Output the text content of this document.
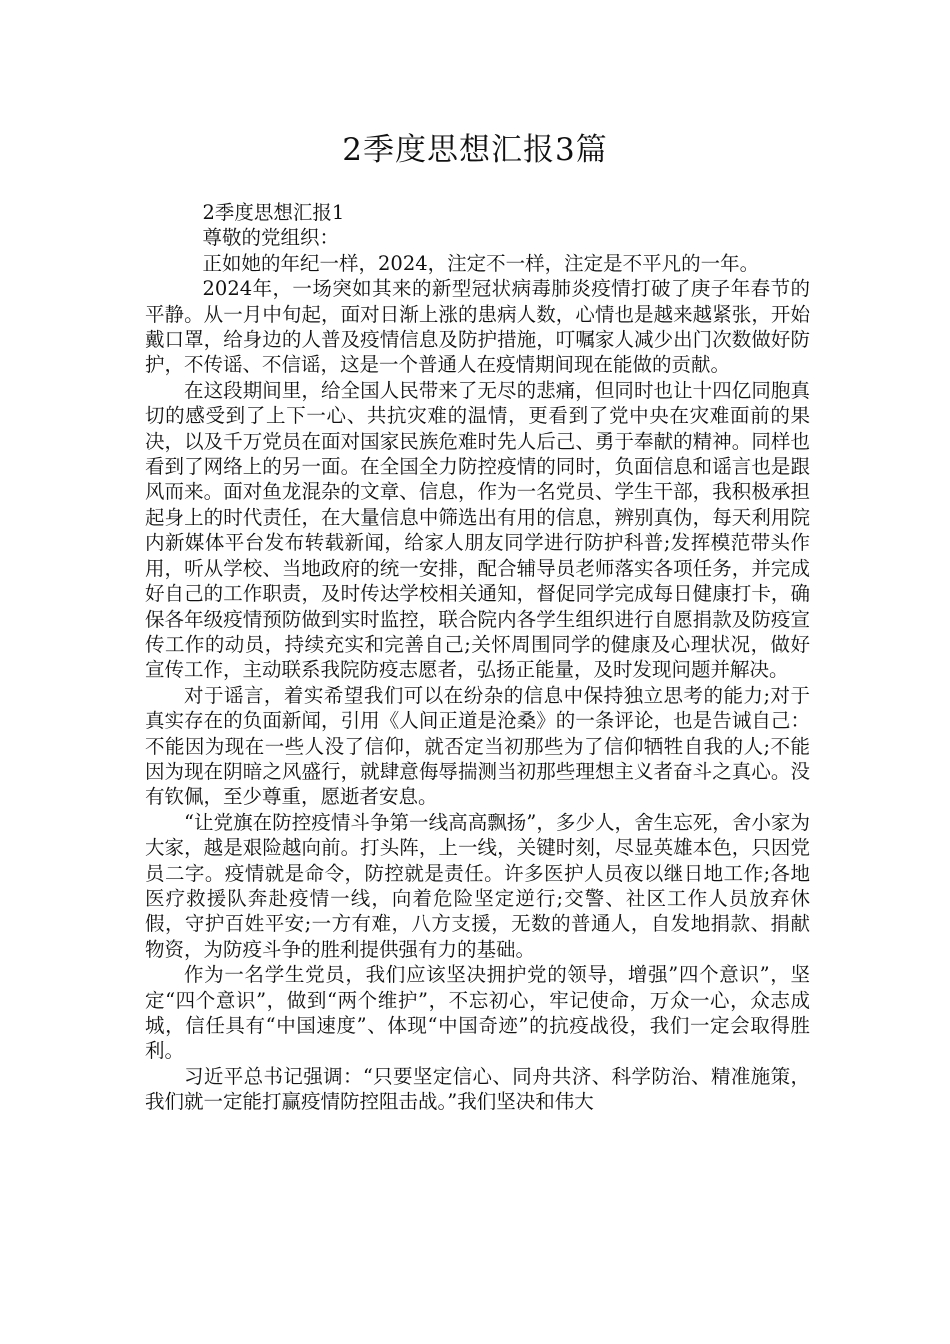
2季度思想汇报3篇

2季度思想汇报1

尊敬的党组织：

正如她的年纪一样，2024，注定不一样，注定是不平凡的一年。

2024年，一场突如其来的新型冠状病毒肺炎疫情打破了庚子年春节的平静。从一月中旬起，面对日渐上涨的患病人数，心情也是越来越紧张，开始戴口罩，给身边的人普及疫情信息及防护措施，叮嘱家人减少出门次数做好防护，不传谣、不信谣，这是一个普通人在疫情期间现在能做的贡献。

在这段期间里，给全国人民带来了无尽的悲痛，但同时也让十四亿同胞真切的感受到了上下一心、共抗灾难的温情，更看到了党中央在灾难面前的果决，以及千万党员在面对国家民族危难时先人后己、勇于奉献的精神。同样也看到了网络上的另一面。在全国全力防控疫情的同时，负面信息和谣言也是跟风而来。面对鱼龙混杂的文章、信息，作为一名党员、学生干部，我积极承担起身上的时代责任，在大量信息中筛选出有用的信息，辨别真伪，每天利用院内新媒体平台发布转载新闻，给家人朋友同学进行防护科普;发挥模范带头作用，听从学校、当地政府的统一安排，配合辅导员老师落实各项任务，并完成好自己的工作职责，及时传达学校相关通知，督促同学完成每日健康打卡，确保各年级疫情预防做到实时监控，联合院内各学生组织进行自愿捐款及防疫宣传工作的动员，持续充实和完善自己;关怀周围同学的健康及心理状况，做好宣传工作，主动联系我院防疫志愿者，弘扬正能量，及时发现问题并解决。

对于谣言，着实希望我们可以在纷杂的信息中保持独立思考的能力;对于真实存在的负面新闻，引用《人间正道是沧桑》的一条评论，也是告诫自己：不能因为现在一些人没了信仰，就否定当初那些为了信仰牺牲自我的人;不能因为现在阴暗之风盛行，就肆意侮辱揣测当初那些理想主义者奋斗之真心。没有钦佩，至少尊重，愿逝者安息。

“让党旗在防控疫情斗争第一线高高飘扬”，多少人，舍生忘死，舍小家为大家，越是艰险越向前。打头阵，上一线，关键时刻，尽显英雄本色，只因党员二字。疫情就是命令，防控就是责任。许多医护人员夜以继日地工作;各地医疗救援队奔赴疫情一线，向着危险坚定逆行;交警、社区工作人员放弃休假，守护百姓平安;一方有难，八方支援，无数的普通人，自发地捐款、捐献物资，为防疫斗争的胜利提供强有力的基础。

作为一名学生党员，我们应该坚决拥护党的领导，增强”四个意识”，坚定“四个意识”，做到“两个维护”，不忘初心，牢记使命，万众一心，众志成城，信任具有“中国速度”、体现“中国奇迹”的抗疫战役，我们一定会取得胜利。

习近平总书记强调：“只要坚定信心、同舟共济、科学防治、精准施策，我们就一定能打赢疫情防控阻击战。”我们坚决和伟大
